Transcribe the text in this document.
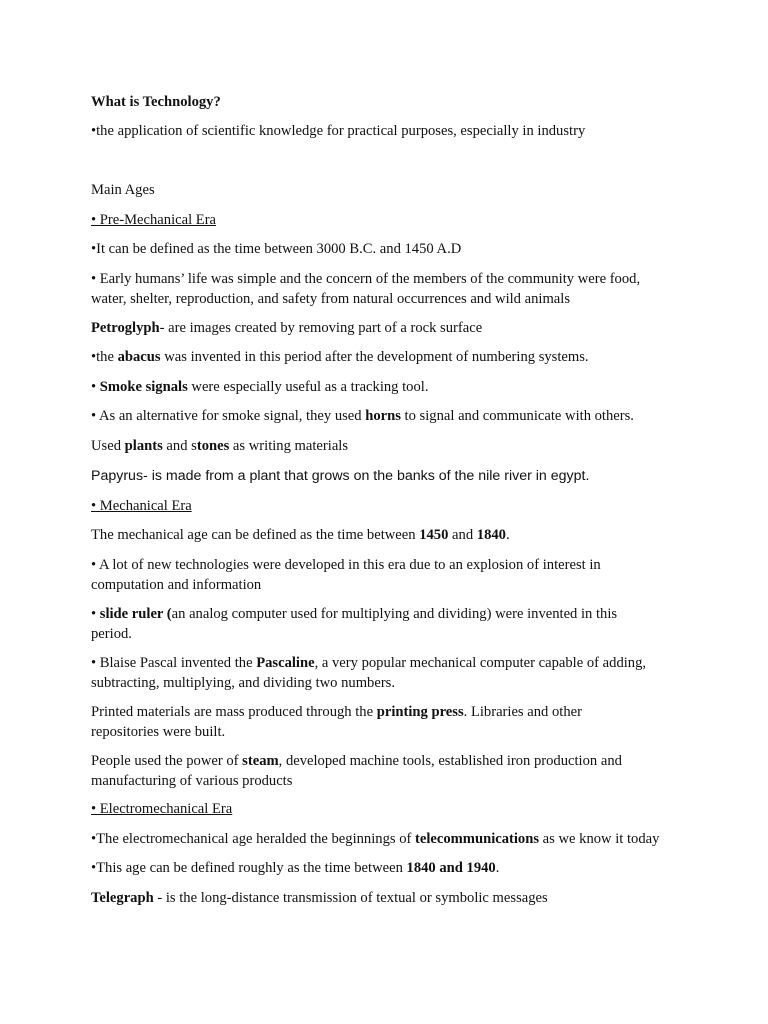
What is Technology?

•the application of scientific knowledge for practical purposes, especially in industry

Main Ages

• Pre-Mechanical Era

•It can be defined as the time between 3000 B.C. and 1450 A.D

• Early humans’ life was simple and the concern of the members of the community were food, water, shelter, reproduction, and safety from natural occurrences and wild animals

Petroglyph- are images created by removing part of a rock surface

•the abacus was invented in this period after the development of numbering systems.

• Smoke signals were especially useful as a tracking tool.

• As an alternative for smoke signal, they used horns to signal and communicate with others.

Used plants and stones as writing materials

Papyrus- is made from a plant that grows on the banks of the nile river in egypt.

• Mechanical Era

The mechanical age can be defined as the time between 1450 and 1840.

• A lot of new technologies were developed in this era due to an explosion of interest in computation and information

• slide ruler (an analog computer used for multiplying and dividing) were invented in this period.

• Blaise Pascal invented the Pascaline, a very popular mechanical computer capable of adding, subtracting, multiplying, and dividing two numbers.

Printed materials are mass produced through the printing press. Libraries and other repositories were built.

People used the power of steam, developed machine tools, established iron production and manufacturing of various products

• Electromechanical Era

•The electromechanical age heralded the beginnings of telecommunications as we know it today

•This age can be defined roughly as the time between 1840 and 1940.

Telegraph - is the long-distance transmission of textual or symbolic messages
